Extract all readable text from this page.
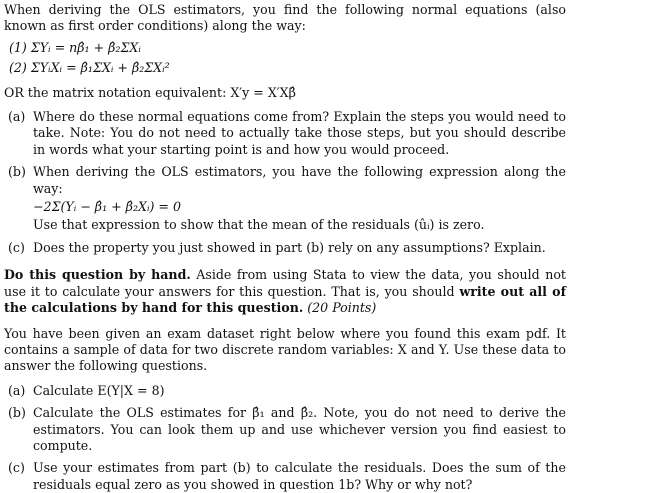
When deriving the OLS estimators, you find the following normal equations (also known as first order conditions) along the way:

(1) ΣYᵢ = nβ̂₁ + β̂₂ΣXᵢ

(2) ΣYᵢXᵢ = β̂₁ΣXᵢ + β̂₂ΣXᵢ²

OR the matrix notation equivalent: X′y = X′Xβ̂

(a) Where do these normal equations come from? Explain the steps you would need to take. Note: You do not need to actually take those steps, but you should describe in words what your starting point is and how you would proceed.
(b) When deriving the OLS estimators, you have the following expression along the way:
−2Σ(Yᵢ − β̂₁ + β̂₂Xᵢ) = 0
Use that expression to show that the mean of the residuals (ûᵢ) is zero.
(c) Does the property you just showed in part (b) rely on any assumptions? Explain.

Do this question by hand. Aside from using Stata to view the data, you should not use it to calculate your answers for this question. That is, you should write out all of the calculations by hand for this question. (20 Points)

You have been given an exam dataset right below where you found this exam pdf. It contains a sample of data for two discrete random variables: X and Y. Use these data to answer the following questions.

(a) Calculate E(Y|X = 8)
(b) Calculate the OLS estimates for β̂₁ and β̂₂. Note, you do not need to derive the estimators. You can look them up and use whichever version you find easiest to compute.
(c) Use your estimates from part (b) to calculate the residuals. Does the sum of the residuals equal zero as you showed in question 1b? Why or why not?
